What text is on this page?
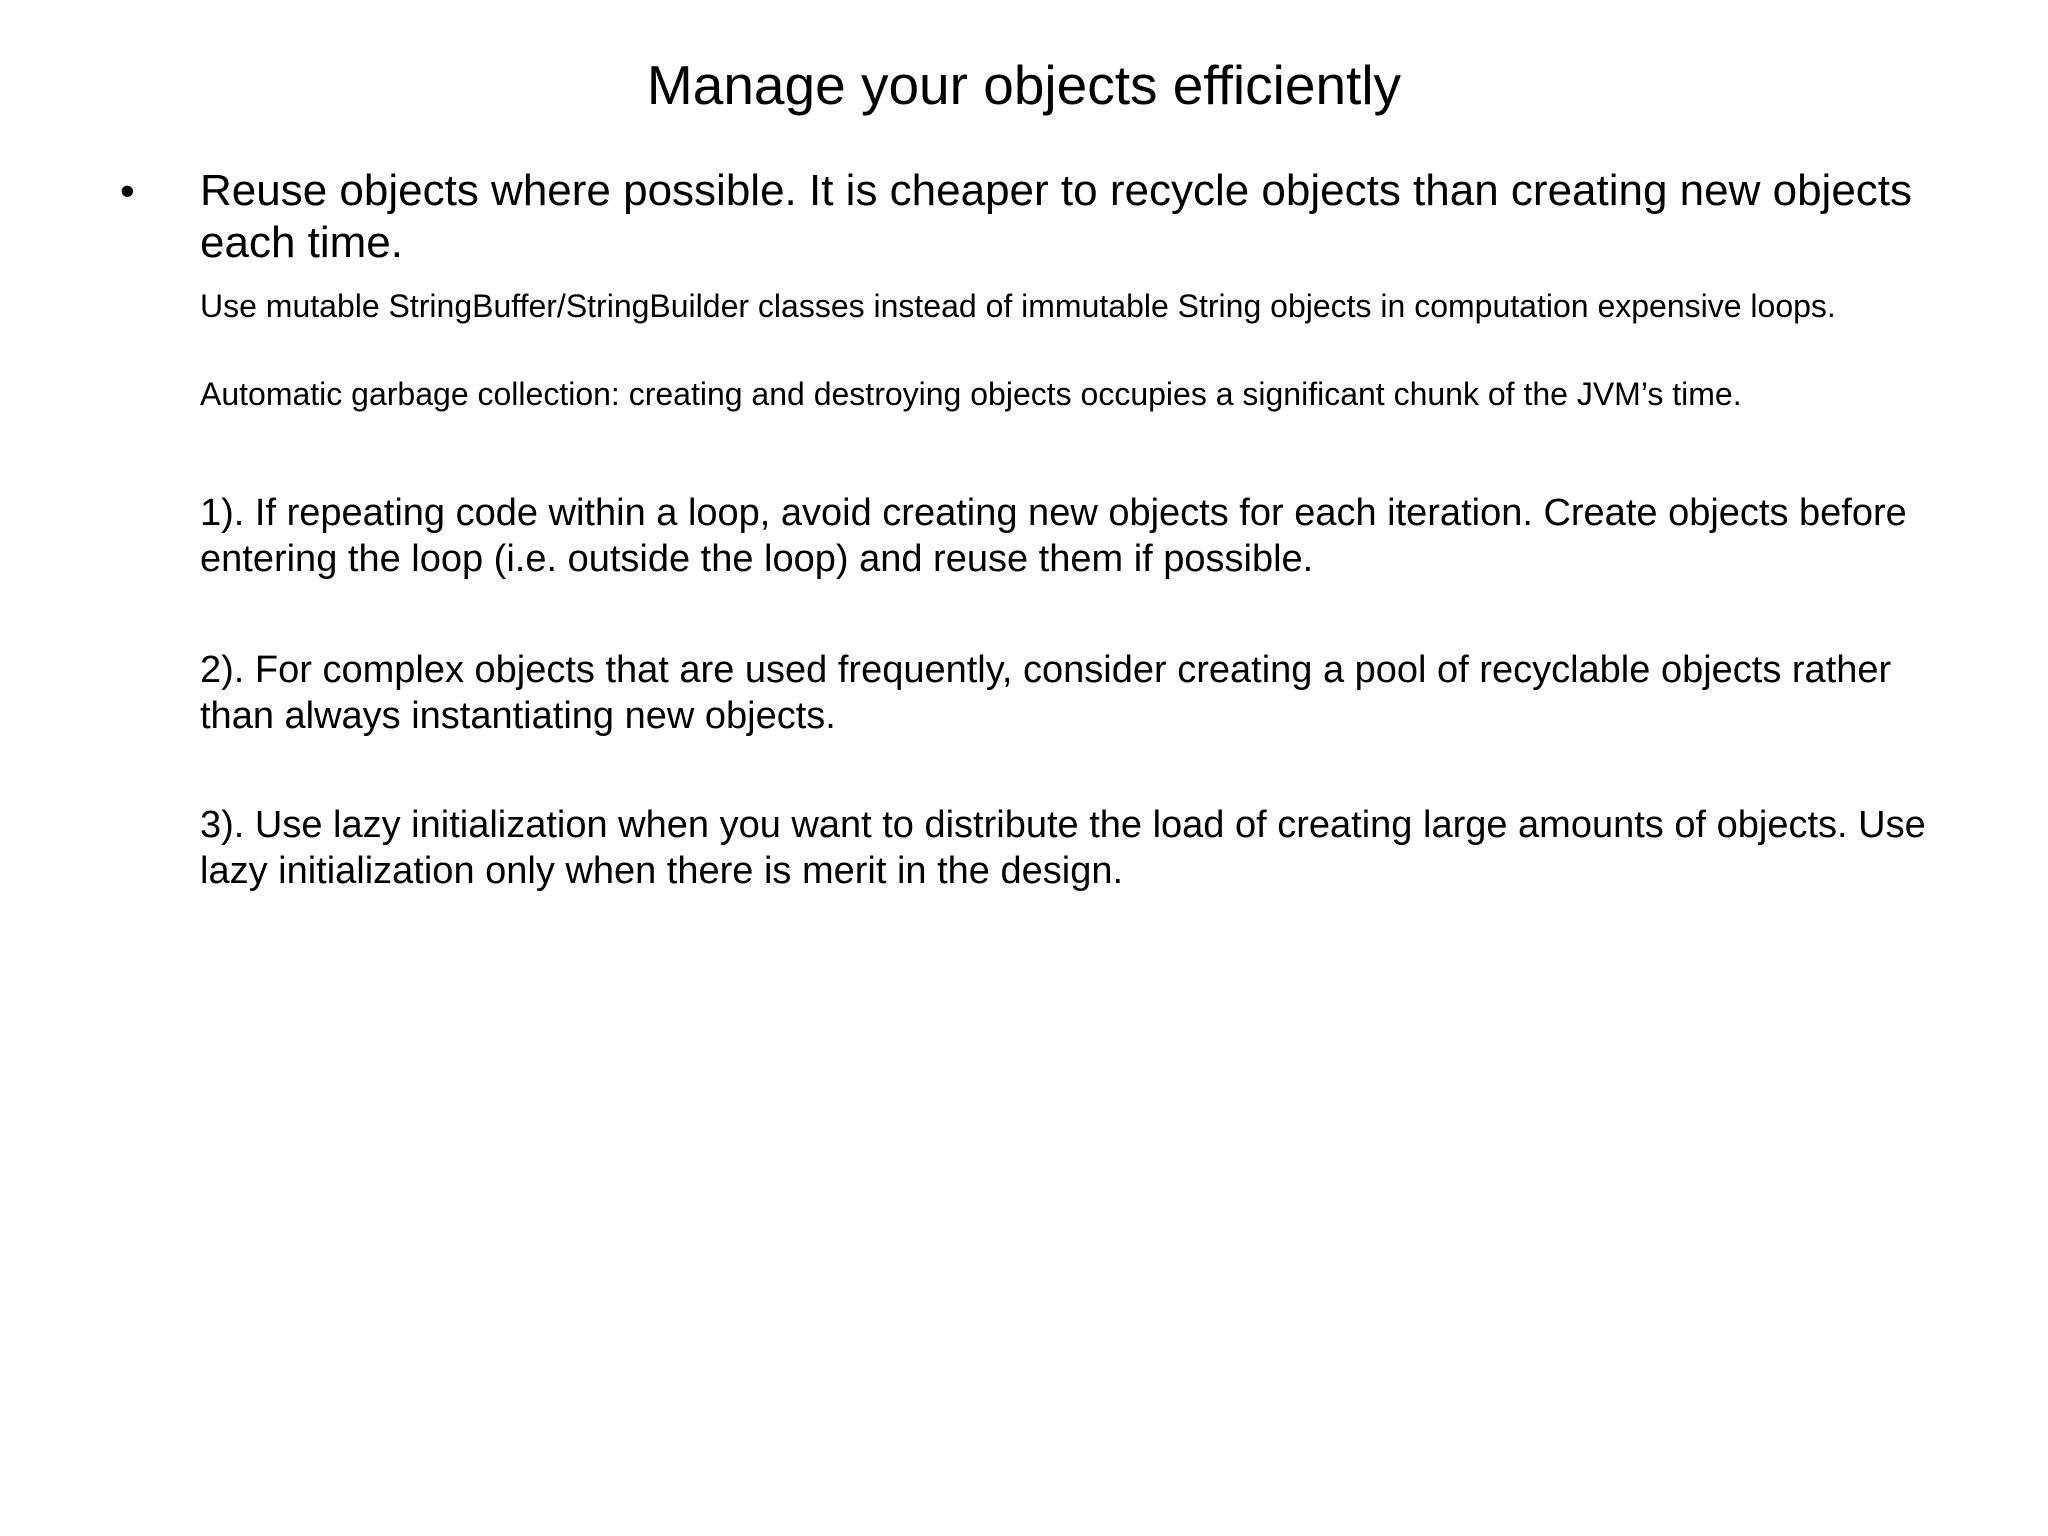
Manage your objects efficiently
• Reuse objects where possible. It is cheaper to recycle objects than creating new objects each time.

Use mutable StringBuffer/StringBuilder classes instead of immutable String objects in computation expensive loops.

Automatic garbage collection: creating and destroying objects occupies a significant chunk of the JVM’s time.

1). If repeating code within a loop, avoid creating new objects for each iteration. Create objects before entering the loop (i.e. outside the loop) and reuse them if possible.

2). For complex objects that are used frequently, consider creating a pool of recyclable objects rather than always instantiating new objects.

3). Use lazy initialization when you want to distribute the load of creating large amounts of objects. Use lazy initialization only when there is merit in the design.
